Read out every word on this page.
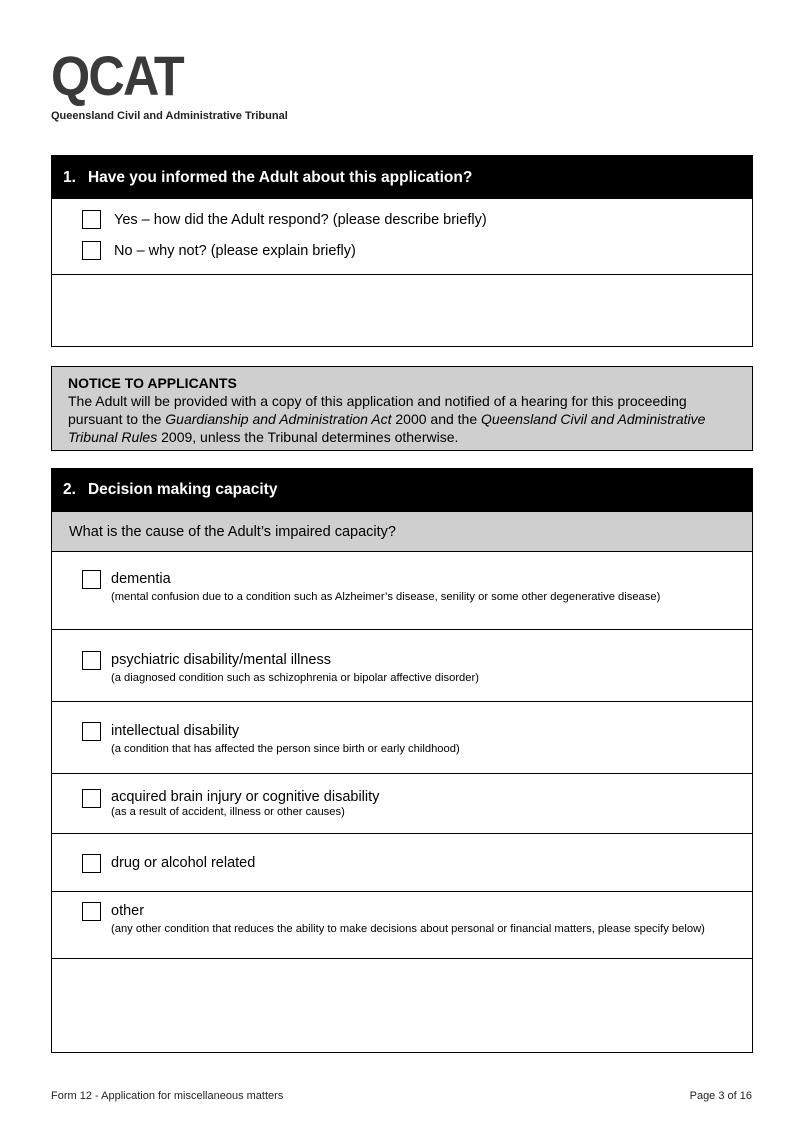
QCAT
Queensland Civil and Administrative Tribunal
1. Have you informed the Adult about this application?
Yes – how did the Adult respond? (please describe briefly)
No – why not? (please explain briefly)
NOTICE TO APPLICANTS
The Adult will be provided with a copy of this application and notified of a hearing for this proceeding pursuant to the Guardianship and Administration Act 2000 and the Queensland Civil and Administrative Tribunal Rules 2009, unless the Tribunal determines otherwise.
2. Decision making capacity
What is the cause of the Adult’s impaired capacity?
dementia
(mental confusion due to a condition such as Alzheimer’s disease, senility or some other degenerative disease)
psychiatric disability/mental illness
(a diagnosed condition such as schizophrenia or bipolar affective disorder)
intellectual disability
(a condition that has affected the person since birth or early childhood)
acquired brain injury or cognitive disability
(as a result of accident, illness or other causes)
drug or alcohol related
other
(any other condition that reduces the ability to make decisions about personal or financial matters, please specify below)
Form 12 - Application for miscellaneous matters	Page 3 of 16
